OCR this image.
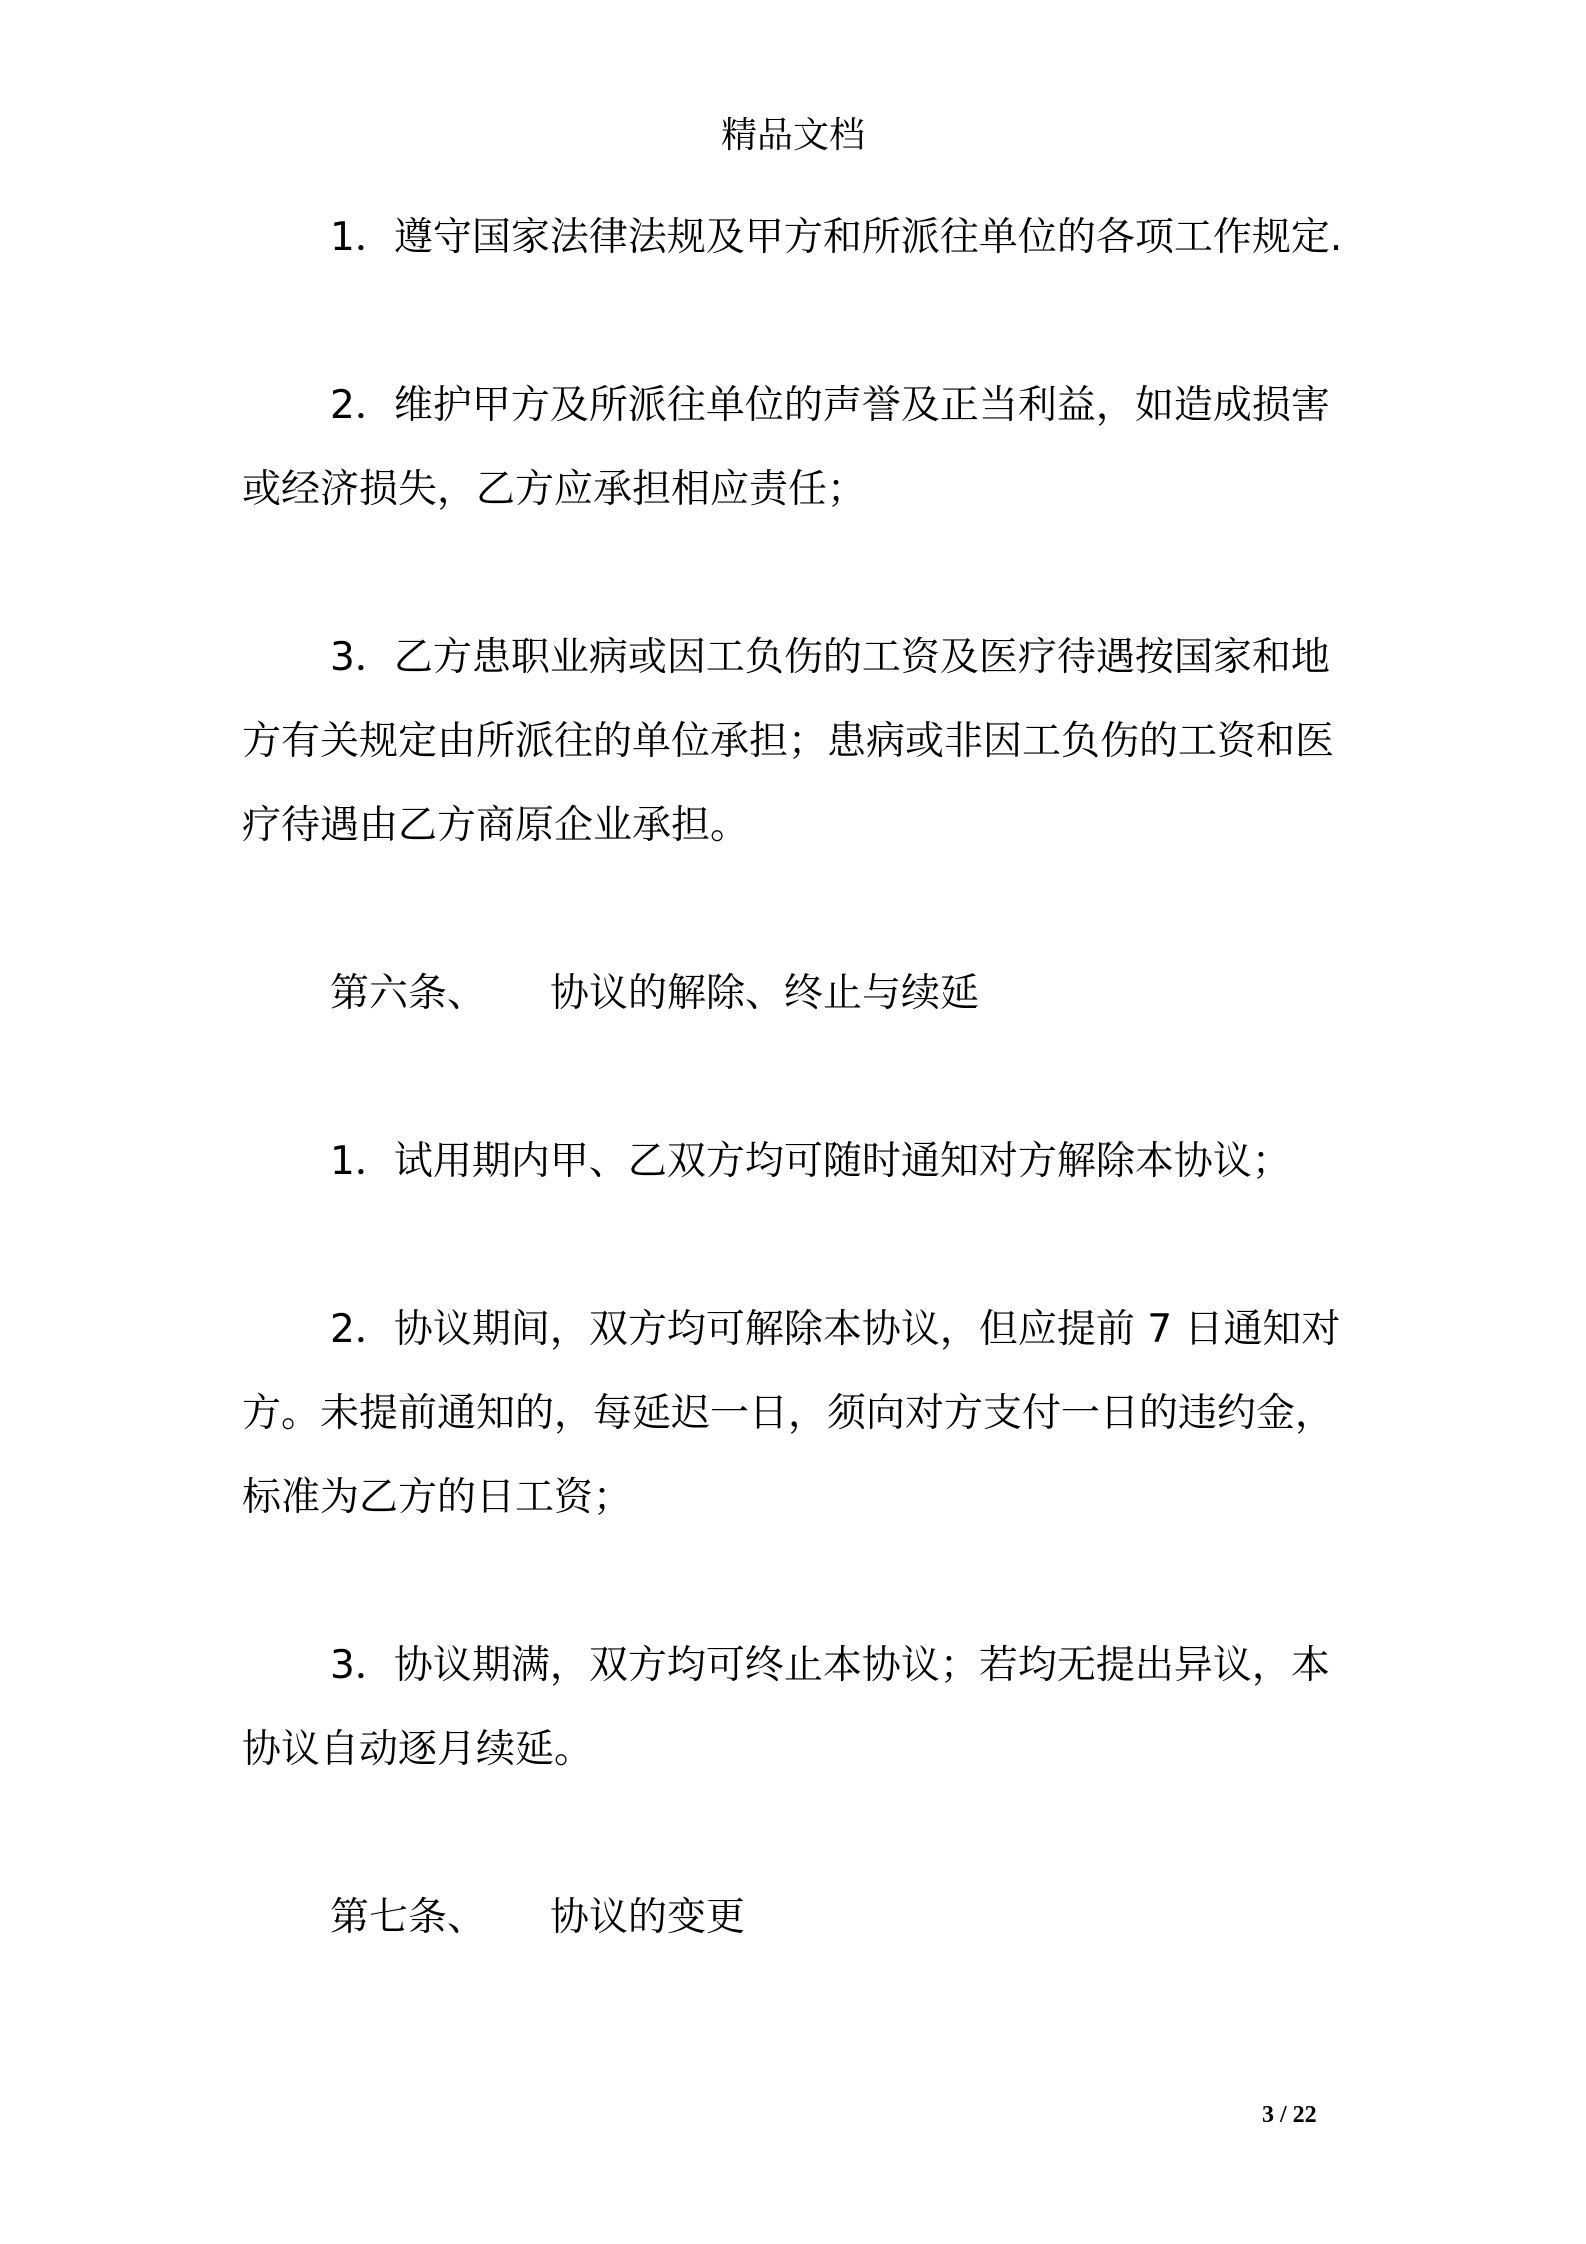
精品文档

1．遵守国家法律法规及甲方和所派往单位的各项工作规定.

2．维护甲方及所派往单位的声誉及正当利益，如造成损害或经济损失，乙方应承担相应责任；

3．乙方患职业病或因工负伤的工资及医疗待遇按国家和地方有关规定由所派往的单位承担；患病或非因工负伤的工资和医疗待遇由乙方商原企业承担。

第六条、 协议的解除、终止与续延

1．试用期内甲、乙双方均可随时通知对方解除本协议；

2．协议期间，双方均可解除本协议，但应提前 7 日通知对方。未提前通知的，每延迟一日，须向对方支付一日的违约金，标准为乙方的日工资；

3．协议期满，双方均可终止本协议；若均无提出异议，本协议自动逐月续延。

第七条、 协议的变更

3 / 22
